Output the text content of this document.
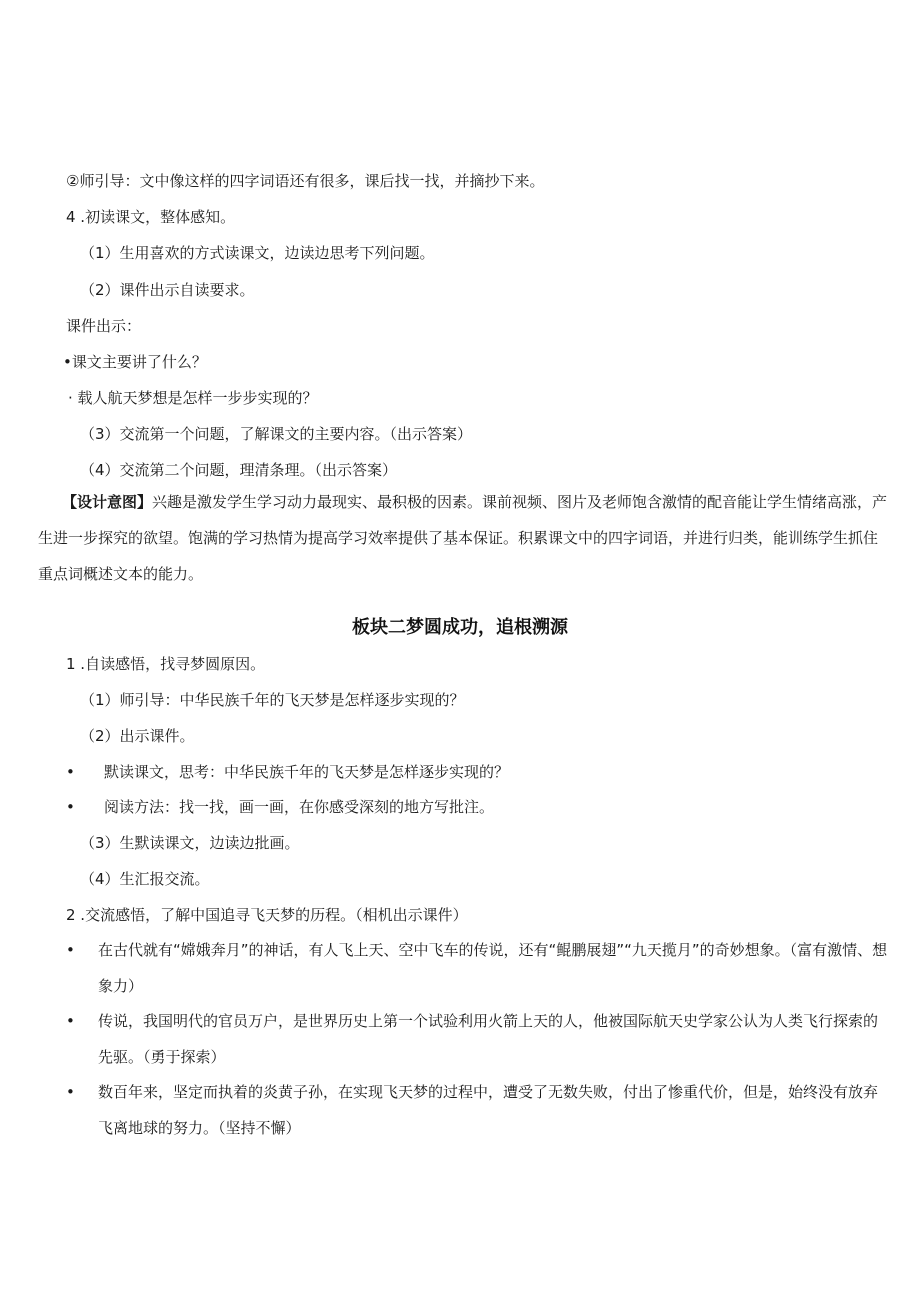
②师引导：文中像这样的四字词语还有很多，课后找一找，并摘抄下来。
4 .初读课文，整体感知。
（1）生用喜欢的方式读课文，边读边思考下列问题。
（2）课件出示自读要求。
课件出示：
•课文主要讲了什么？
· 载人航天梦想是怎样一步步实现的？
（3）交流第一个问题，了解课文的主要内容。（出示答案）
（4）交流第二个问题，理清条理。（出示答案）
【设计意图】兴趣是激发学生学习动力最现实、最积极的因素。课前视频、图片及老师饱含激情的配音能让学生情绪高涨，产生进一步探究的欲望。饱满的学习热情为提高学习效率提供了基本保证。积累课文中的四字词语，并进行归类，能训练学生抓住重点词概述文本的能力。
板块二梦圆成功，追根溯源
1 .自读感悟，找寻梦圆原因。
（1）师引导：中华民族千年的飞天梦是怎样逐步实现的？
（2）出示课件。
• 默读课文，思考：中华民族千年的飞天梦是怎样逐步实现的？
• 阅读方法：找一找，画一画，在你感受深刻的地方写批注。
（3）生默读课文，边读边批画。
（4）生汇报交流。
2 .交流感悟，了解中国追寻飞天梦的历程。（相机出示课件）
• 在古代就有“嫦娥奔月”的神话，有人飞上天、空中飞车的传说，还有“鲲鹏展翅”“九天揽月”的奇妙想象。（富有激情、想象力）
• 传说，我国明代的官员万户，是世界历史上第一个试验利用火箭上天的人，他被国际航天史学家公认为人类飞行探索的先驱。（勇于探索）
• 数百年来，坚定而执着的炎黄子孙，在实现飞天梦的过程中，遭受了无数失败，付出了惨重代价，但是，始终没有放弃飞离地球的努力。（坚持不懈）
